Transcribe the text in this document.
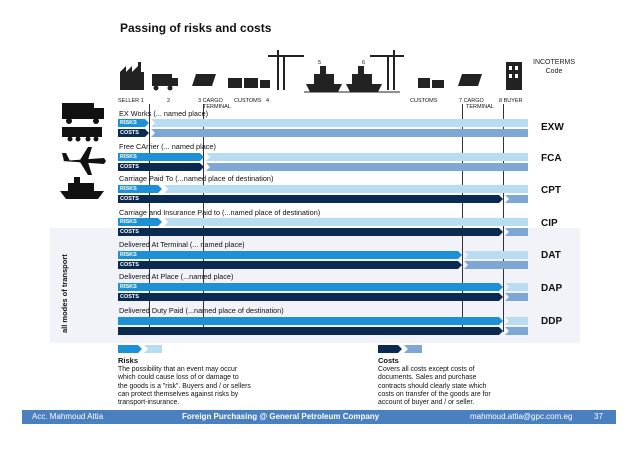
Passing of risks and costs
INCOTERMS
Code
SELLER 1	2	3 CARGO
TERMINAL
CUSTOMS 4
5	6
CUSTOMS	7 CARGO
TERMINAL
8 BUYER
all modes of transport
EX Works (... named place)
RISKS
COSTS	EXW
Free CArrier (... named place)
RISKS
COSTS
FCA
Carriage Paid To (...named place of destination)
RISKS
COSTS
CPT
Carriage and Insurance Paid to (...named place of destination)
RISKS
COSTS
CIP
Delivered At Terminal (... named place)
RISKS
COSTS
DAT
Delivered At Place (...named place)
RISKS
COSTS
DAP
Delivered Duty Paid (...named place of destination)
DDP
Risks
The possibility that an event may occur
which could cause loss of or damage to
the goods is a "risk". Buyers and / or sellers
can protect themselves against risks by
transport-insurance.
Costs
Covers all costs except costs of
documents. Sales and purchase
contracts should clearly state which
costs on transfer of the goods are for
account of buyer and / or seller.
Acc. Mahmoud Attia	Foreign Purchasing @ General Petroleum Company	mahmoud.attia@gpc.com.eg	37
